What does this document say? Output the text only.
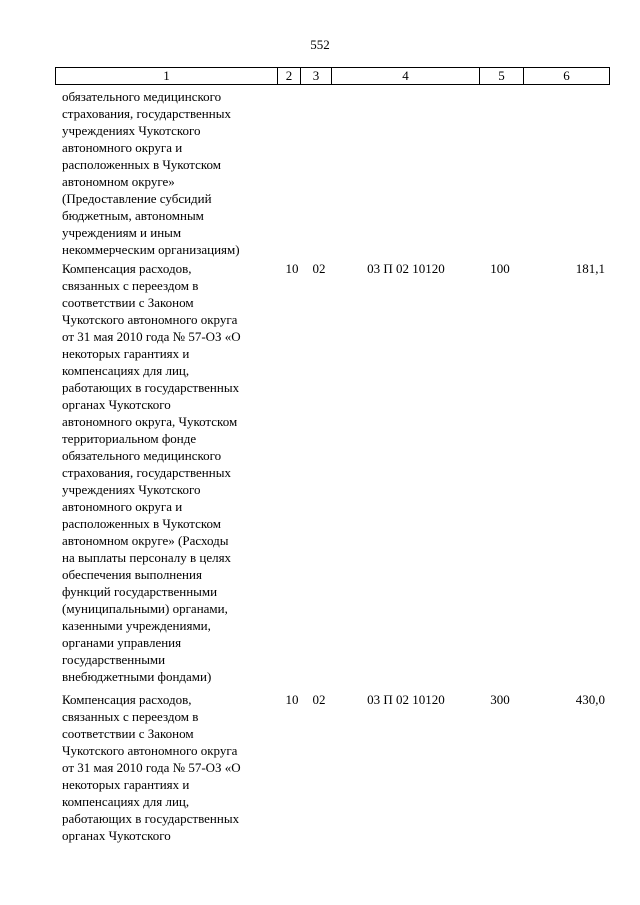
552
1	2	3	4	5	6

обязательного медицинского

страхования, государственных

учреждениях Чукотского

автономного округа и

расположенных в Чукотском

автономном округе»

(Предоставление субсидий

бюджетным, автономным

учреждениям и иным

некоммерческим организациям)

Компенсация расходов,

связанных с переездом в

соответствии с Законом

Чукотского автономного округа

от 31 мая 2010 года № 57-ОЗ «О

некоторых гарантиях и

компенсациях для лиц,

работающих в государственных

органах Чукотского

автономного округа, Чукотском

территориальном фонде

обязательного медицинского

страхования, государственных

учреждениях Чукотского

автономного округа и

расположенных в Чукотском

автономном округе» (Расходы

на выплаты персоналу в целях

обеспечения выполнения

функций государственными

(муниципальными) органами,

казенными учреждениями,

органами управления

государственными

внебюджетными фондами)

10	02	03 П 02 10120	100	181,1

Компенсация расходов,

связанных с переездом в

соответствии с Законом

Чукотского автономного округа

от 31 мая 2010 года № 57-ОЗ «О

некоторых гарантиях и

компенсациях для лиц,

работающих в государственных

органах Чукотского

10	02	03 П 02 10120	300	430,0
